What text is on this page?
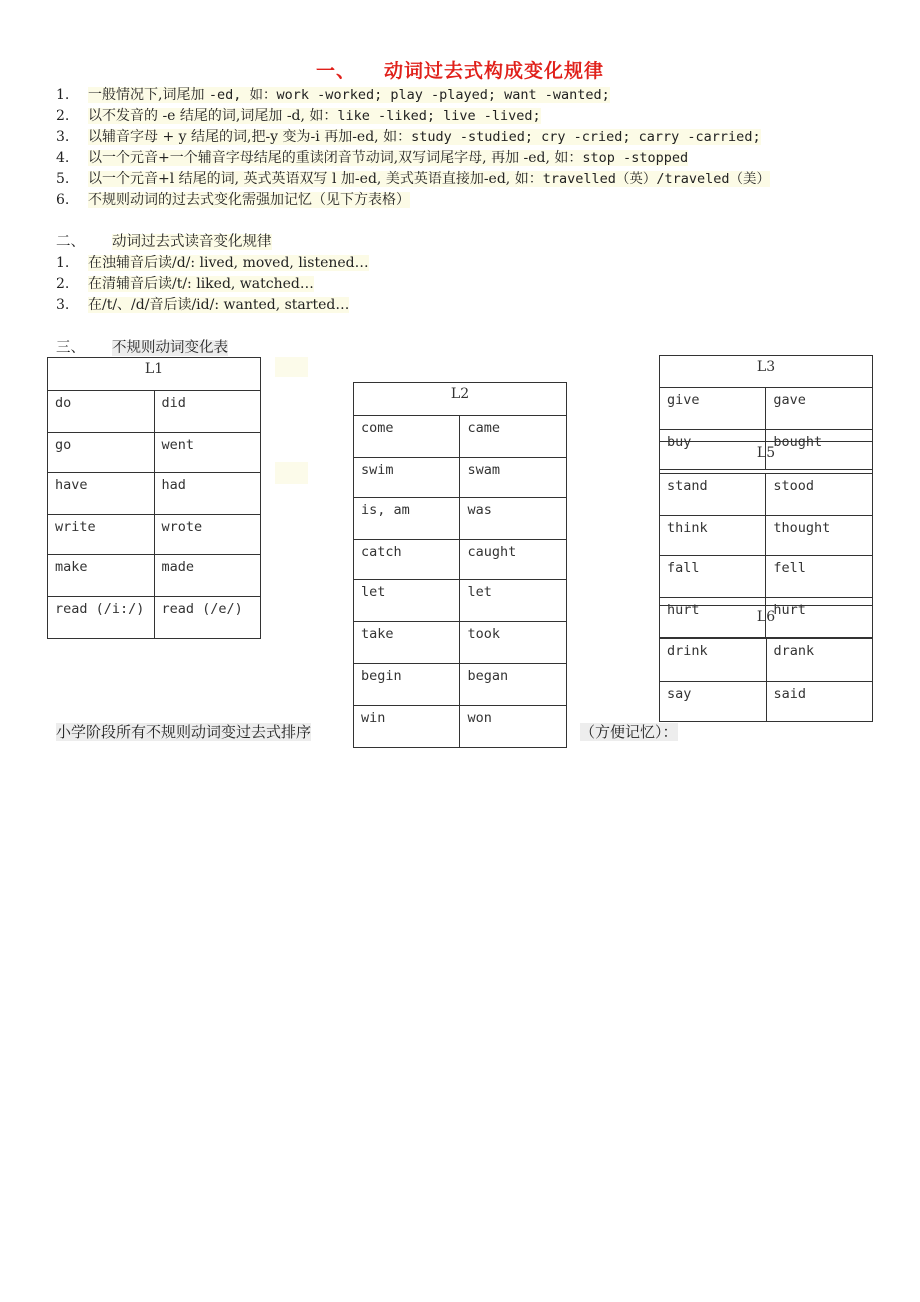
一、 动词过去式构成变化规律
1. 一般情况下,词尾加 -ed, 如：work -worked; play -played; want -wanted;
2. 以不发音的 -e 结尾的词,词尾加 -d, 如：like -liked; live -lived;
3. 以辅音字母 + y 结尾的词,把-y 变为-i 再加-ed, 如：study -studied; cry -cried; carry -carried;
4. 以一个元音+一个辅音字母结尾的重读闭音节动词,双写词尾字母, 再加 -ed, 如：stop -stopped
5. 以一个元音+l 结尾的词, 英式英语双写 l 加-ed, 美式英语直接加-ed, 如：travelled（英）/traveled（美）
6. 不规则动词的过去式变化需强加记忆（见下方表格）
二、 动词过去式读音变化规律
1. 在浊辅音后读/d/: lived, moved, listened…
2. 在清辅音后读/t/: liked, watched…
3. 在/t/、/d/音后读/id/: wanted, started…
三、 不规则动词变化表
L1	
do	did
go	went
have	had
write	wrote
make	made
read (/i:/)	read (/e/)
L2	
come	came
swim	swam
is, am	was
catch	caught
let	let
take	took
begin	began
win	won
L3	
give	gave
buy	bought
L5	
stand	stood
think	thought
fall	fell
hurt	hurt
L6	
drink	drank
say	said
小学阶段所有不规则动词变过去式排序	（方便记忆）：
